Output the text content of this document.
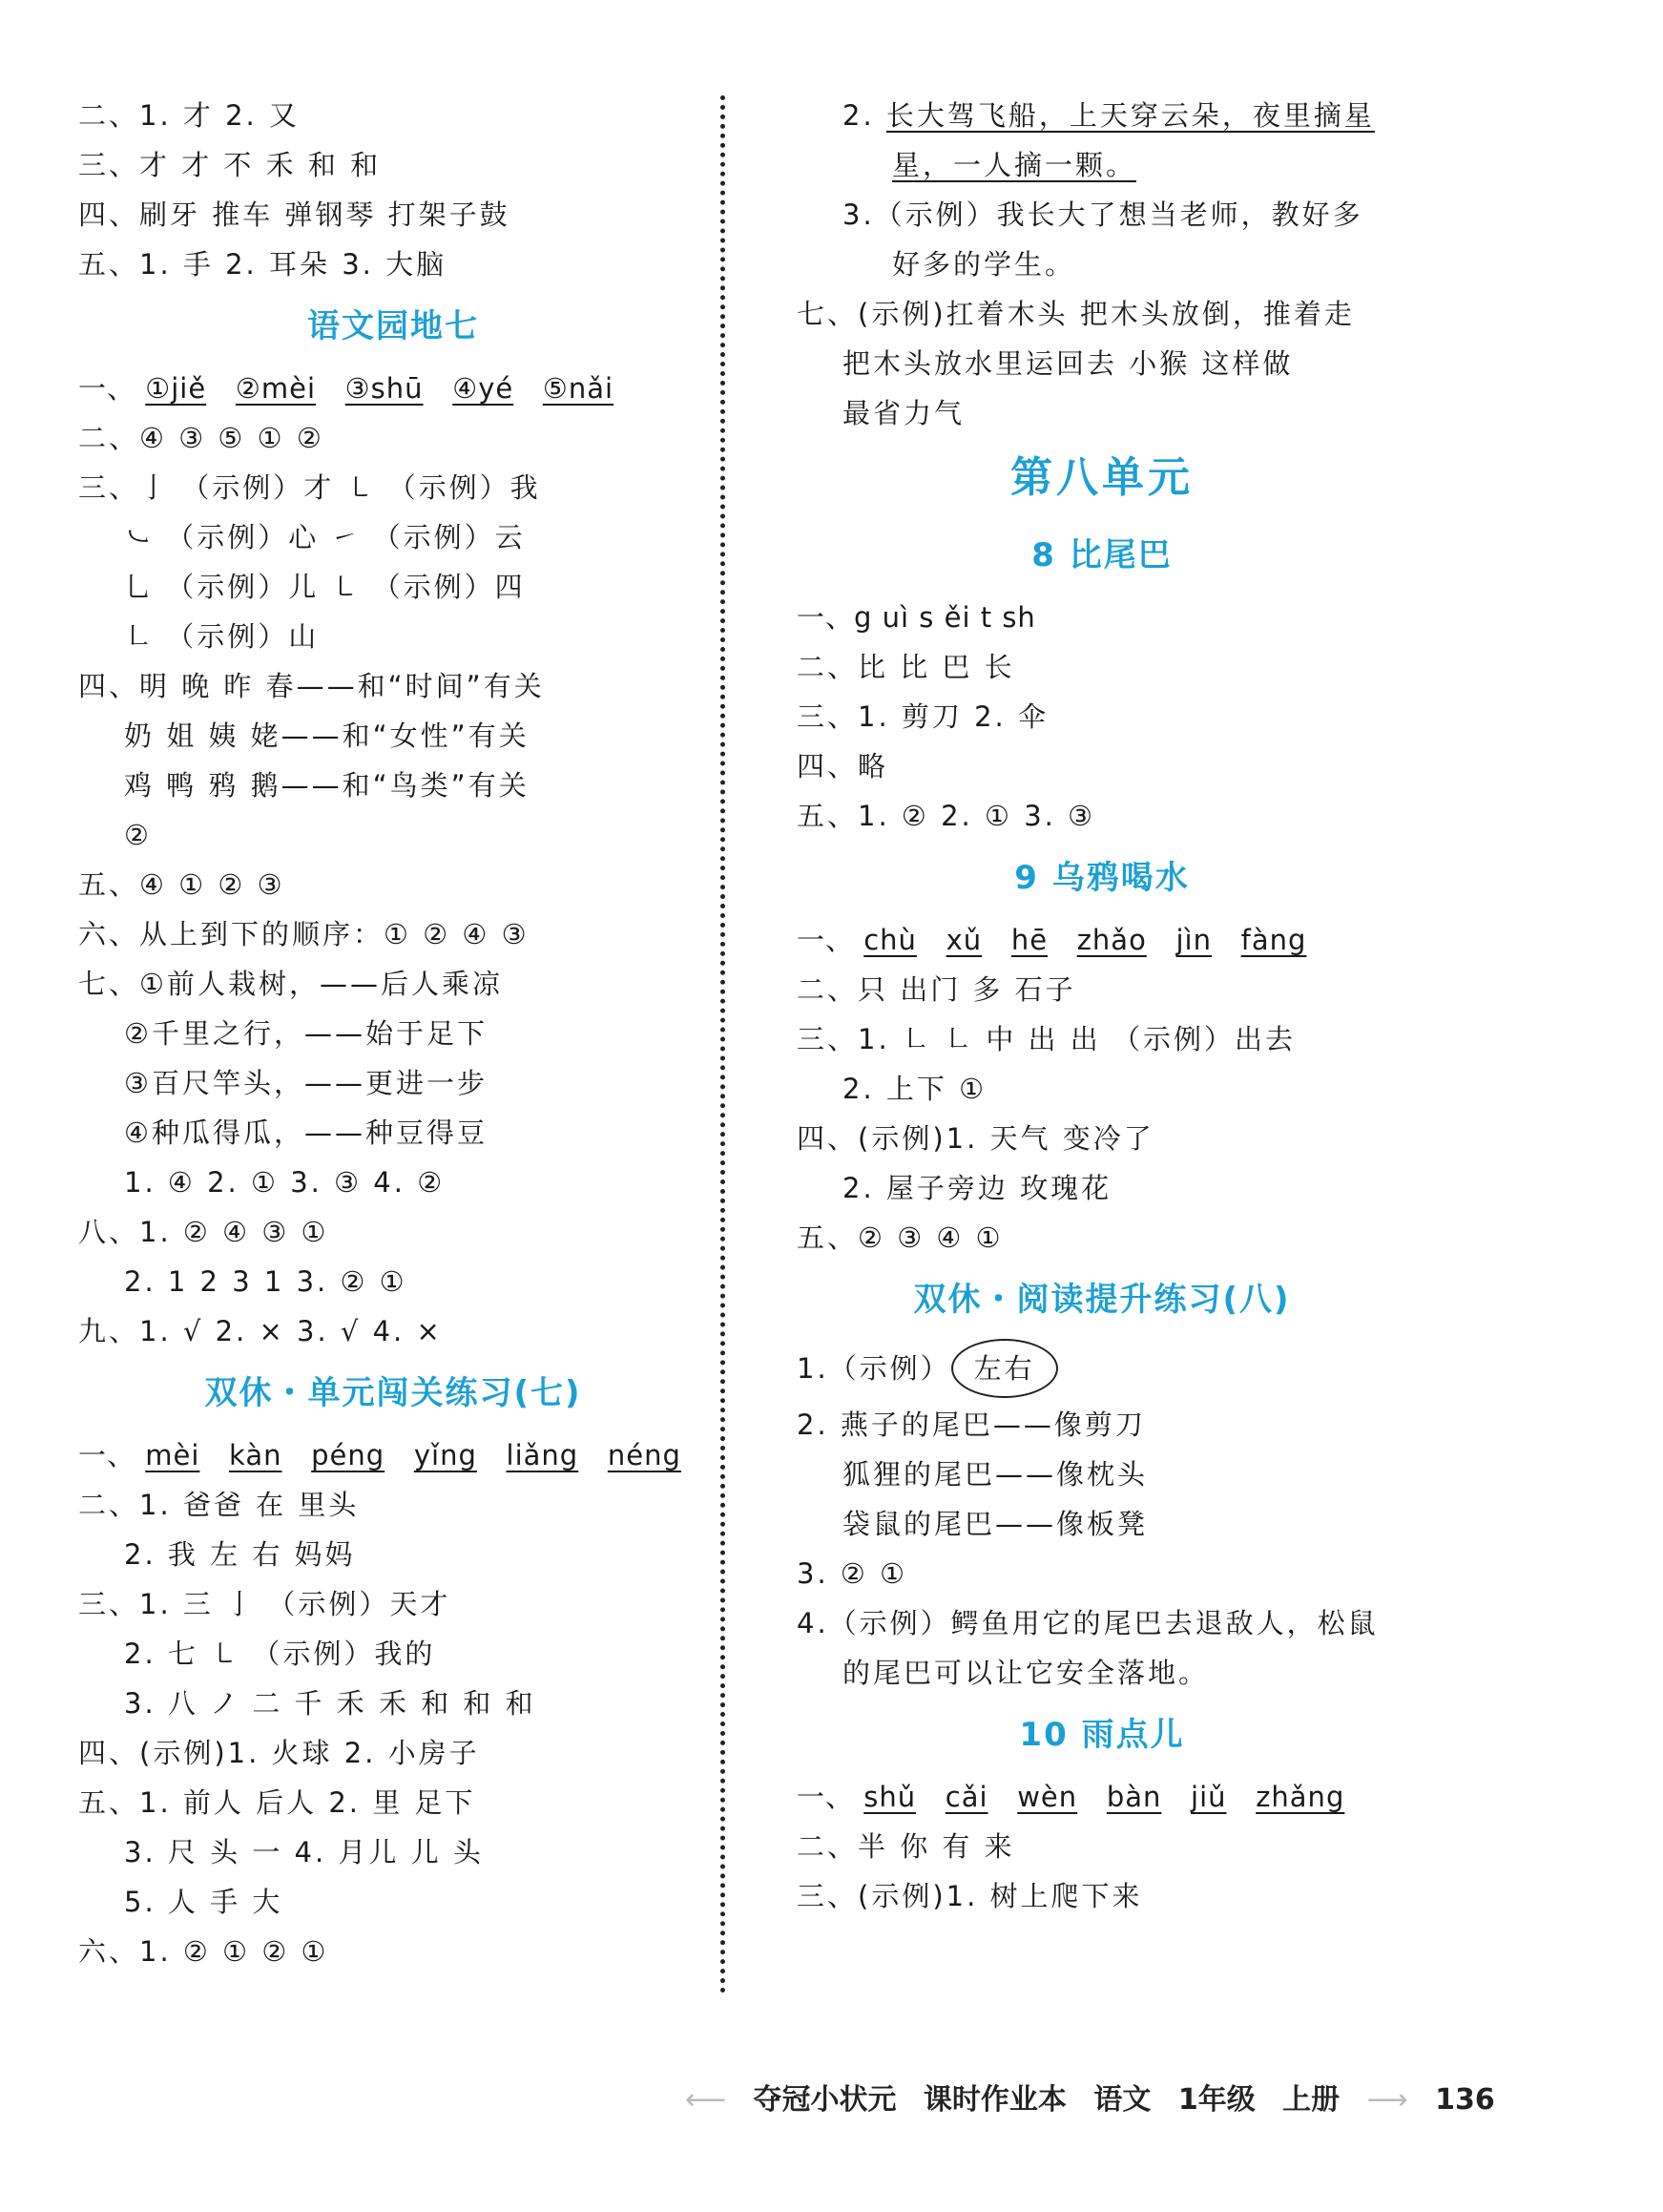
二、1. 才 2. 又
三、才 才 不 禾 和 和
四、刷牙 推车 弹钢琴 打架子鼓
五、1. 手 2. 耳朵 3. 大脑
语文园地七
一、 ①jiě ②mèi ③shū ④yé ⑤nǎi
二、④ ③ ⑤ ① ②
三、亅 （示例）才 ㇄ （示例）我
㇃ （示例）心 ㇀ （示例）云
乚 （示例）儿 ㇄ （示例）四
㇗ （示例）山
四、明 晚 昨 春——和“时间”有关
奶 姐 姨 姥——和“女性”有关
鸡 鸭 鸦 鹅——和“鸟类”有关
②
五、④ ① ② ③
六、从上到下的顺序：① ② ④ ③
七、①前人栽树，——后人乘凉
②千里之行，——始于足下
③百尺竿头，——更进一步
④种瓜得瓜，——种豆得豆
1. ④ 2. ① 3. ③ 4. ②
八、1. ② ④ ③ ①
2. 1 2 3 1 3. ② ①
九、1. √ 2. × 3. √ 4. ×
双休・单元闯关练习(七)
一、 mèi kàn péng yǐng liǎng néng
二、1. 爸爸 在 里头
2. 我 左 右 妈妈
三、1. 三 亅 （示例）天才
2. 七 ㇄ （示例）我的
3. 八 ノ 二 千 禾 禾 和 和 和
四、(示例)1. 火球 2. 小房子
五、1. 前人 后人 2. 里 足下
3. 尺 头 一 4. 月儿 儿 头
5. 人 手 大
六、1. ② ① ② ①
2. 长大驾飞船，上天穿云朵，夜里摘星
星，一人摘一颗。
3.（示例）我长大了想当老师，教好多
好多的学生。
七、(示例)扛着木头 把木头放倒，推着走
把木头放水里运回去 小猴 这样做
最省力气
第八单元
8 比尾巴
一、g uì s ěi t sh
二、比 比 巴 长
三、1. 剪刀 2. 伞
四、略
五、1. ② 2. ① 3. ③
9 乌鸦喝水
一、 chù xǔ hē zhǎo jìn fàng
二、只 出门 多 石子
三、1. ㇗ ㇗ 中 出 出 （示例）出去
2. 上下 ①
四、(示例)1. 天气 变冷了
2. 屋子旁边 玫瑰花
五、② ③ ④ ①
双休・阅读提升练习(八)
1.（示例） 左右
2. 燕子的尾巴——像剪刀
狐狸的尾巴——像枕头
袋鼠的尾巴——像板凳
3. ② ①
4.（示例）鳄鱼用它的尾巴去退敌人，松鼠
的尾巴可以让它安全落地。
10 雨点儿
一、 shǔ cǎi wèn bàn jiǔ zhǎng
二、半 你 有 来
三、(示例)1. 树上爬下来
⟵ 夺冠小状元 课时作业本 语文 1年级 上册 ⟶ 136
